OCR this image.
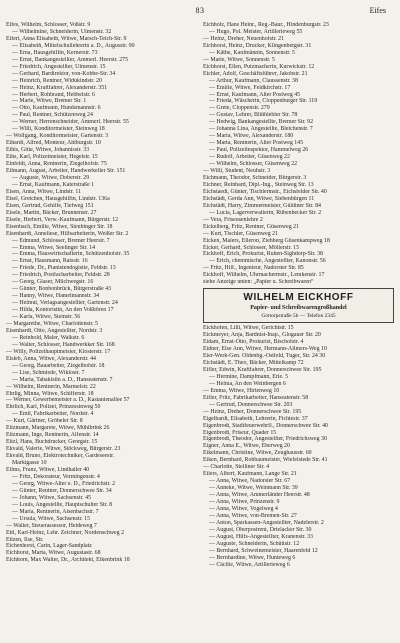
83	Eifes
Eifes, Wilhelm, Schlosser, Voßstr. 9
— Wilhelmine, Schneiderin, Ulmenstr. 32
Eifert, Anna Elisabeth, Witwe, Marsch-Teich-Str. 9
— Elisabeth, Mittelschullehrerin a. D., Augusstr. 90
— Erna, Hausgehilfin, Kernerstr. 73
— Ernst, Bankangestellter, Ammerl. Heerstr. 275
— Friedrich, Angestellter, Ulmenstr. 15
— Gerhard, Bardirektor, von-Kobbe-Str. 34
— Heinrich, Rentner, Widukindstr. 20
— Heinz, Kraftfahrer, Alexanderstr. 351
— Herbert, Rohbrand, Hebbelstr. 6
— Marie, Witwe, Bremer Str. 1
— Otto, Kaufmann, Hundsmannstr. 6
— Paul, Rentner, Schützenweg 24
— Werner, Herrenschneider, Ammerl. Heerstr. 55
— Willi, Konditormeister, Steinweg 18
— Wolfgang, Konditormeister, Gartenstr. 3
Eihardt, Alfred, Monteur, Ahlburgstr. 10
Eihis, Gitte, Witwe, Johannisstr. 33
Eihs, Karl, Polizeimeister, Hegelstr. 15
Einfeldt, Anna, Rentnerin, Ziegelhofstr. 75
Eilmann, August, Arbeiter, Handwerkeller Str. 151
— Auguste, Witwe, Doberstr. 29
— Ernst, Kaufmann, Katerstraße 1
Eisen, Anna, Witwe, Lindstr. 11
Eisel, Gretchen, Hausgehilfin, Lindstr. 136a
Eisen, Gertrud, Gehilfe, Tiefweg 151
Eisele, Martin, Bäcker, Brunnenstr. 27
Eisele, Herbert, Verw.-Kaufmann, Bürgerstr. 12
Eisenbach, Emilie, Witwe, Steubinger Str. 18
Eisenhardt, Anneliese, Hilfsarbeiterin, Weißer Str. 2
— Edmund, Schlosser, Bremer Heerstr. 7
— Emma, Witwe, Seelinger Str. 14
— Emma, Hauswirtschafterin, Schützenhofstr. 35
— Ernst, Hausmann, Ratsstr. 16
— Friede, Dr., Pianistendogistie, Feldstr. 13
— Friedrich, Postfacharbeiter, Feldstr. 28
— Georg, Glaser, Milchwegstr. 16
— Günter, Bonbonbrück, Bürgerstraße 43
— Hanny, Witwe, Hamelmannstr. 34
— Helmut, Verlagsangestellter, Gartenstr. 24
— Hilda, Kontoristin, An den Voßhören 17
— Karla, Witwe, Steinstr. 56
— Margarethe, Witwe, Charlottenstr. 5
Eisenhardt, Otto, Angestellter, Nordstr. 3
— Reinhold, Maler, Walkstr. 6
— Walter, Schlosser, Handwerkker Str. 168
— Willy, Polizeihauptmeister, Klosterstr. 17
Eisleb, Anna, Witwe, Alexanderstr. 44
— Georg, Bauarbeiter, Ziegelhofstr. 18
— Lise, Schmiede, Wiklostr. 7
— Maria, Tabakistin a. D., Hanseatenstr. 7
— Wilhelm, Rentnerin, Marmelstr. 22
Ehrlig, Minna, Witwe, Schifferstr. 18
— Werner, Gewerbemeister a. D., Kastanienallee 57
Ehrlich, Karl, Polizei, Prinzessinweg 50
— Emil, Fabrikarbeiter, Nordstr. 4
— Kurt, Gärtner, Gröbeler Str. 8
Eitzmann, Margarete, Witwe, Mühlbrink 26
Eitzmann, Inge, Rentnerin, Alfenstr. 14
Eitzl, Hans, Buchdrucker, Georgstr. 15
Ekvald, Valerie, Witwe, Stöckweg, Bürgerstr. 23
Ekvald, Bruno, Elektrotechniker, Gardeseestr.
Marktgasse 10
Eilms, Franz, Witwe, Lindhaller 40
— Fritz, Dekorateur, Vermingenstr. 4
— Georg, Witwe-Alter e. D., Friedrichstr. 2
— Günter, Rentner, Donnerschwee Str. 34
— Johann, Witwe, Sachsenstr. 45
— Louis, Angestellte, Hauptschulter Str. 8
— Maria, Rentnerin, Alsenbachstr. 7
— Ursula, Witwe, Sachsenstr. 15
— Walter, Steuerassessor, Heideweg 7
Eitl, Karl-Heinz, Lehr. Zeichner, Nordenschweg 2
Eitzen, Ilse, Str.
Eichenhorst, Carin, Lager-Sandplatz
Eichhorst, Marta, Witwe, Augustastr. 68
Eichhorn, Max Walter, Dr., Architekt, Elkenbrink 18
Eichholz, Hans Heinr., Reg.-Baur., Hindenburgstr. 23
— Hugo, Pol. Meister, Artillerieweg 55
— Heinz, Dreher, Neuenhofstr. 21
Eichhorst, Heinz, Drucker, Klingenbergstr. 31
— Käthe, Kaufmännin, Sonnenstr. 5
— Marie, Witwe, Sonnenstr. 5
Eichhorst, Ellen, Putzmacherin, Kurwickstr. 12
Eichler, Adolf, Geschäftsführer, Jakobstr. 21
— Arthur, Kaufmann, Claussenstr. 38
— Emilie, Witwe, Feldkirchstr. 17
— Ernst, Kaufmann, Alter Postweg 45
— Frieda, Wäscherin, Cloppenburger Str. 119
— Grete, Cloppenstr. 279
— Gustav, Lehrer, Blüthlebler Str. 78
— Hedwig, Bankangestellte, Bremer Str. 92
— Johanna Lina, Angestellte, Bleichenstr. 7
— Maria, Witwe, Alexanderstr. 180
— Marta, Rentnerin, Alter Postweg 145
— Paul, Polizeiinspektor, Hammelweg 26
— Rudolf, Arbeiter, Güsenweg 22
— Wilhelm, Schlosser, Güsenweg 22
— Willi, Student, Neuhstr. 3
Eichmann, Theodor, Schneider, Bürgerstr. 3
Eichner, Reinhard, Dipl.-Ing., Steinweg Str. 13
Eichstaedt, Günter, Tischlermstr., Eichsfelder Str. 40
Eichstädt, Gerda Ann, Witwe, Siebenbürgen 11
Eichstädt, Harry, Zimmermeister, Güldiner Str. 84
— Lucia, Lagerverwalterin, Rübenbecker Str. 2
— Vera, Friseusenlehre 2
Eickelberg, Fritz, Rentner, Güsenweg 21
— Kurt, Tischler, Güsenweg 21
Eicken, Malers, Elleron, Ziehberg Güsenkampweg 18
Eicker, Gerhard, Schlosser, Möllerstr. 15
Eickhoff, Erich, Prokurist, Ruhen-Sighdorp-Str. 38
— Erich, chemmische, Angestellter, Kanonstr. 56
— Fritz, Hilf., Ingenieur, Nadorster Str. 85
Eickhoff, Wilhelm, Uhrmachermstr., Lemkenstr. 17
siehe Anzeige unten: „Papier u. Schreibwaren“
WILHELM EICKHOFF
Papier- und Schreibwarengroßhandel
Gottorpstraße 5b — Telefon 2345
Eickhofen, Lilli, Witwe, Gerichtstr. 15
Eickmeyer, Anja, Bardnist-Inap., Glogauer Str. 20
Eidam, Ernst-Otto, Prokurist, Bischofstr. 4
Eidner, Else Ann, Witwe, Hermann-Allmers-Weg 10
Eier-Werk-Gen. Oldenbg.-Ostfeld, Tuger, Str. 24 30
Eichstädt, E. Theo, Bäcker, Mittelkamp 72
Eifler, Edwin, Kraftfahrer, Donnerschwee Str. 195
— Hermine, Dampfmann, Erle. 5
— Helma, An den Weinbergen 6
— Emma, Witwe, Hirtenweg 10
Eifler, Fritz, Fabrikarbeiter, Hanseatenstr. 58
— Gertrud, Donnerschwee Str. 203
— Heinz, Dreher, Donnerschwee Str. 195
Eigelhardt, Elisabeth, Lehrerin, Fichtestr. 37
Eigenbrodt, Stadtfeuerwehrfl., Donnerschwee Str. 40
Eigenbrodt, Friseur, Quader 15
Eigenbrodt, Theodor, Angestellter, Friedrichsweg 30
Eigner, Anna E., Witwe, Eberweg 20
Eikelmann, Christine, Witwe, Zeughausstr. 60
Eiken, Bernhard, Rohbaumeister, Wiefelstede Str. 41
— Charlotte, Stelliner Str. 4
Eilers, Albert, Kaufmann, Lange Str. 21
— Anna, Witwe, Nadorster Str. 67
— Anneke, Witwe, Weinmann Str. 39
— Anna, Witwe, Ammerländer Heerstr. 48
— Anna, Witwe, Prinzenstr. 9
— Anna, Witwe, Vogelweg 4
— Anna, Witwe, von-Bremen-Str. 27
— Anton, Sparkassen-Angestellter, Nadelerstr. 2
— August, Oberpostrent, Drielacker Str. 30
— August, Hilfs-Angestellter, Kranenstr. 33
— Auguste, Schneiderin, Schüttstr. 12
— Bernhard, Schweinemeister, Haarenfeld 12
— Bernhardine, Witwe, Hunteweg 6
— Cäcilie, Witwe, Artillerieweg 6
